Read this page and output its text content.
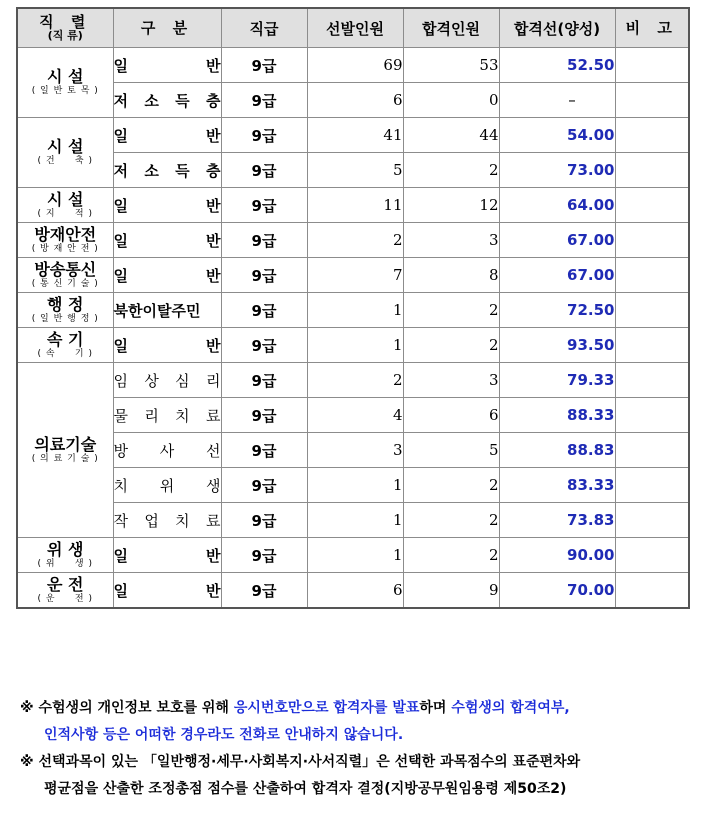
직 렬
(직 류)	구 분	직급	선발인원	합격인원	합격선(양성)	비 고

시 설
( 일 반 토 목 )	일 반	9급	69	53	52.50	

	저 소 득 층	9급	6	0	–	

시 설
( 건     축 )	일 반	9급	41	44	54.00	

	저 소 득 층	9급	5	2	73.00	

시 설
( 지     적 )	일 반	9급	11	12	64.00	

방재안전
( 방 재 안 전 )	일 반	9급	2	3	67.00	

방송통신
( 통 신 기 술 )	일 반	9급	7	8	67.00	

행 정
( 일 반 행 정 )	북한이탈주민	9급	1	2	72.50	

속 기
( 속     기 )	일 반	9급	1	2	93.50	

의료기술
( 의 료 기 술 )	임 상 심 리	9급	2	3	79.33	

	물 리 치 료	9급	4	6	88.33	

	방 사 선	9급	3	5	88.83	

	치 위 생	9급	1	2	83.33	

	작 업 치 료	9급	1	2	73.83	

위 생
( 위     생 )	일 반	9급	1	2	90.00	

운 전
( 운     전 )	일 반	9급	6	9	70.00	

※ 수험생의 개인정보 보호를 위해 응시번호만으로 합격자를 발표하며 수험생의 합격여부,

인적사항 등은 어떠한 경우라도 전화로 안내하지 않습니다.

※ 선택과목이 있는 「일반행정·세무·사회복지·사서직렬」은 선택한 과목점수의 표준편차와

평균점을 산출한 조정총점 점수를 산출하여 합격자 결정(지방공무원임용령 제50조2)
